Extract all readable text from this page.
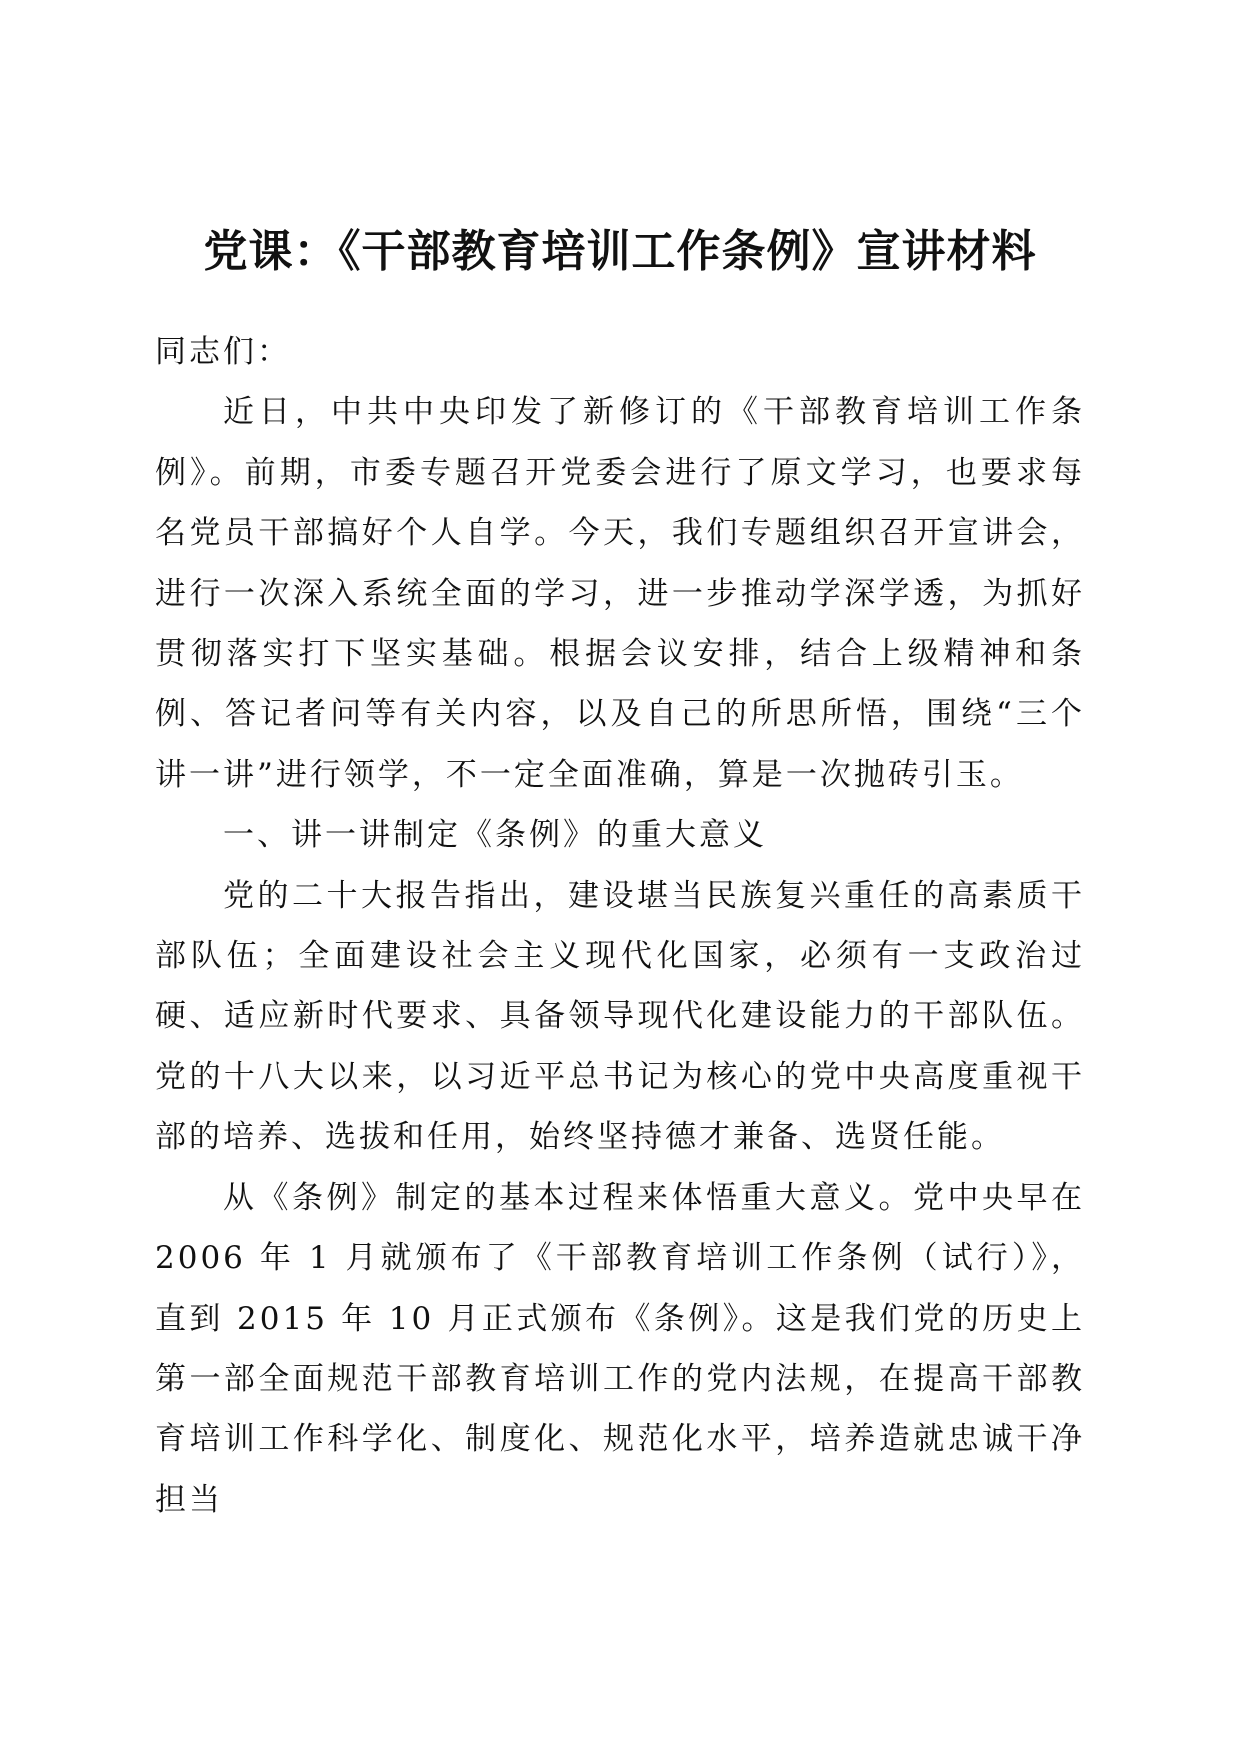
党课：《干部教育培训工作条例》宣讲材料

同志们：

近日，中共中央印发了新修订的《干部教育培训工作条例》。前期，市委专题召开党委会进行了原文学习，也要求每名党员干部搞好个人自学。今天，我们专题组织召开宣讲会，进行一次深入系统全面的学习，进一步推动学深学透，为抓好贯彻落实打下坚实基础。根据会议安排，结合上级精神和条例、答记者问等有关内容，以及自己的所思所悟，围绕“三个讲一讲”进行领学，不一定全面准确，算是一次抛砖引玉。

一、讲一讲制定《条例》的重大意义

党的二十大报告指出，建设堪当民族复兴重任的高素质干部队伍；全面建设社会主义现代化国家，必须有一支政治过硬、适应新时代要求、具备领导现代化建设能力的干部队伍。党的十八大以来，以习近平总书记为核心的党中央高度重视干部的培养、选拔和任用，始终坚持德才兼备、选贤任能。

从《条例》制定的基本过程来体悟重大意义。党中央早在 2006 年 1 月就颁布了《干部教育培训工作条例（试行）》，直到 2015 年 10 月正式颁布《条例》。这是我们党的历史上第一部全面规范干部教育培训工作的党内法规，在提高干部教育培训工作科学化、制度化、规范化水平，培养造就忠诚干净担当
